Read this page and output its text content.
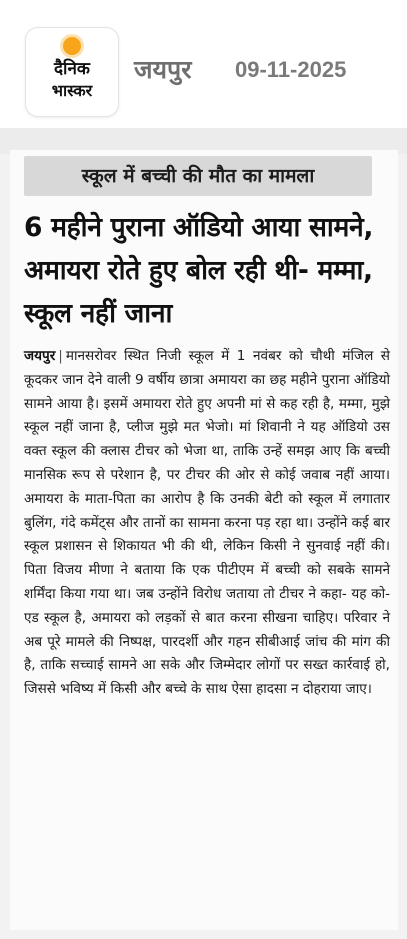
दैनिक
भास्कर
जयपुर 09-11-2025
स्कूल में बच्ची की मौत का मामला
6 महीने पुराना ऑडियो आया सामने, अमायरा रोते हुए बोल रही थी- मम्मा, स्कूल नहीं जाना
जयपुर | मानसरोवर स्थित निजी स्कूल में 1 नवंबर को चौथी मंजिल से कूदकर जान देने वाली 9 वर्षीय छात्रा अमायरा का छह महीने पुराना ऑडियो सामने आया है। इसमें अमायरा रोते हुए अपनी मां से कह रही है, मम्मा, मुझे स्कूल नहीं जाना है, प्लीज मुझे मत भेजो। मां शिवानी ने यह ऑडियो उस वक्त स्कूल की क्लास टीचर को भेजा था, ताकि उन्हें समझ आए कि बच्ची मानसिक रूप से परेशान है, पर टीचर की ओर से कोई जवाब नहीं आया। अमायरा के माता-पिता का आरोप है कि उनकी बेटी को स्कूल में लगातार बुलिंग, गंदे कमेंट्स और तानों का सामना करना पड़ रहा था। उन्होंने कई बार स्कूल प्रशासन से शिकायत भी की थी, लेकिन किसी ने सुनवाई नहीं की। पिता विजय मीणा ने बताया कि एक पीटीएम में बच्ची को सबके सामने शर्मिंदा किया गया था। जब उन्होंने विरोध जताया तो टीचर ने कहा- यह को-एड स्कूल है, अमायरा को लड़कों से बात करना सीखना चाहिए। परिवार ने अब पूरे मामले की निष्पक्ष, पारदर्शी और गहन सीबीआई जांच की मांग की है, ताकि सच्चाई सामने आ सके और जिम्मेदार लोगों पर सख्त कार्रवाई हो, जिससे भविष्य में किसी और बच्चे के साथ ऐसा हादसा न दोहराया जाए।
